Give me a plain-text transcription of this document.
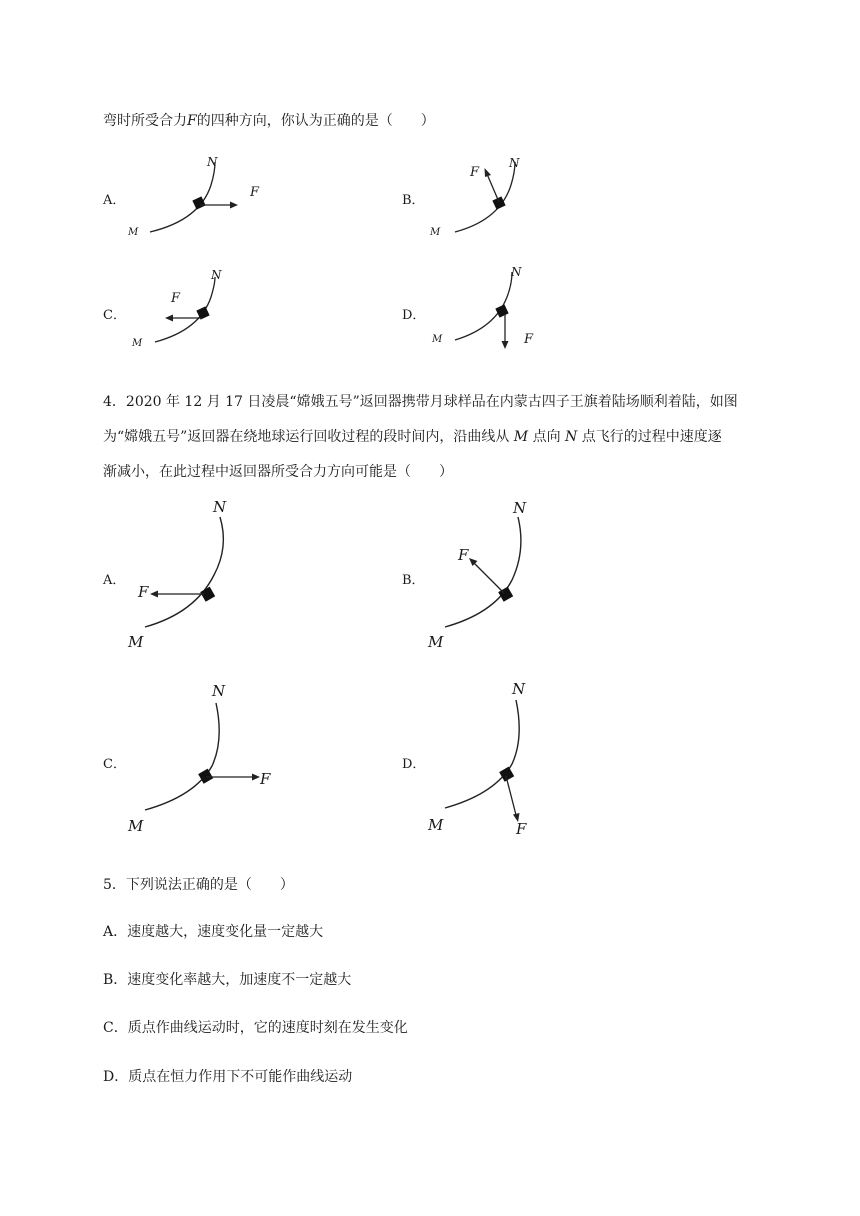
弯时所受合力F的四种方向，你认为正确的是（　　）
A．
N
M
F
B．
N
M
F
C．
N
M
F
D．
N
M	F
4．2020 年 12 月 17 日凌晨“嫦娥五号”返回器携带月球样品在内蒙古四子王旗着陆场顺利着陆，如图
为“嫦娥五号”返回器在绕地球运行回收过程的段时间内，沿曲线从 M 点向 N 点飞行的过程中速度逐
渐减小，在此过程中返回器所受合力方向可能是（　　）
A．
N
M
F
B．
N
M
F
C．
N
M
F
D．
N
M	F
5．下列说法正确的是（　　）
A．速度越大，速度变化量一定越大
B．速度变化率越大，加速度不一定越大
C．质点作曲线运动时，它的速度时刻在发生变化
D．质点在恒力作用下不可能作曲线运动
